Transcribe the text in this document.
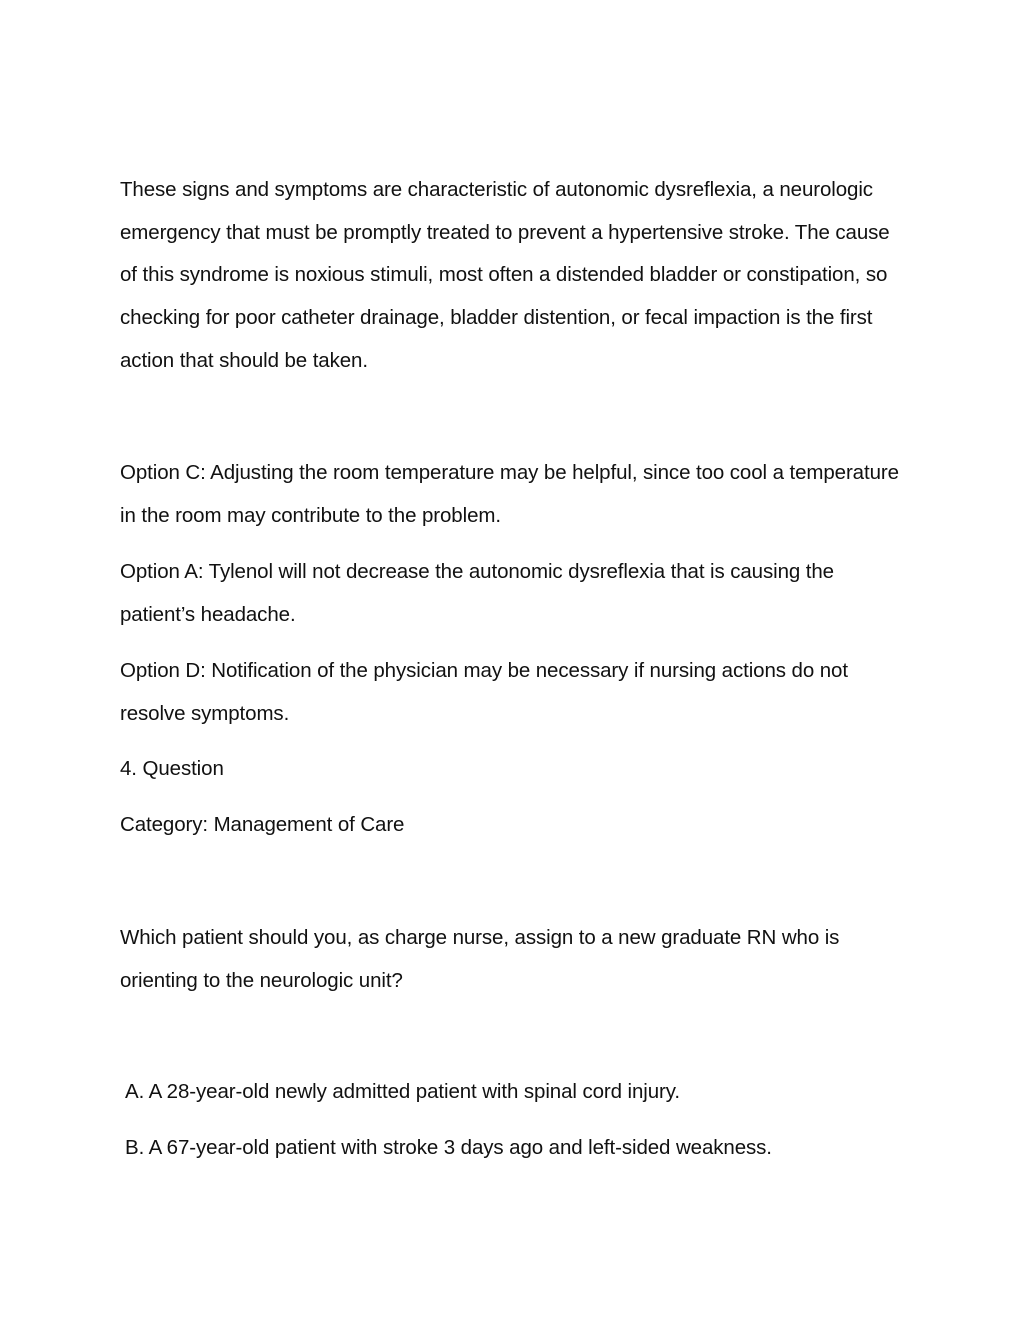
These signs and symptoms are characteristic of autonomic dysreflexia, a neurologic emergency that must be promptly treated to prevent a hypertensive stroke. The cause of this syndrome is noxious stimuli, most often a distended bladder or constipation, so checking for poor catheter drainage, bladder distention, or fecal impaction is the first action that should be taken.

Option C: Adjusting the room temperature may be helpful, since too cool a temperature in the room may contribute to the problem.

Option A: Tylenol will not decrease the autonomic dysreflexia that is causing the patient’s headache.

Option D: Notification of the physician may be necessary if nursing actions do not resolve symptoms.

4. Question

Category: Management of Care

Which patient should you, as charge nurse, assign to a new graduate RN who is orienting to the neurologic unit?

A. A 28-year-old newly admitted patient with spinal cord injury.

B. A 67-year-old patient with stroke 3 days ago and left-sided weakness.
